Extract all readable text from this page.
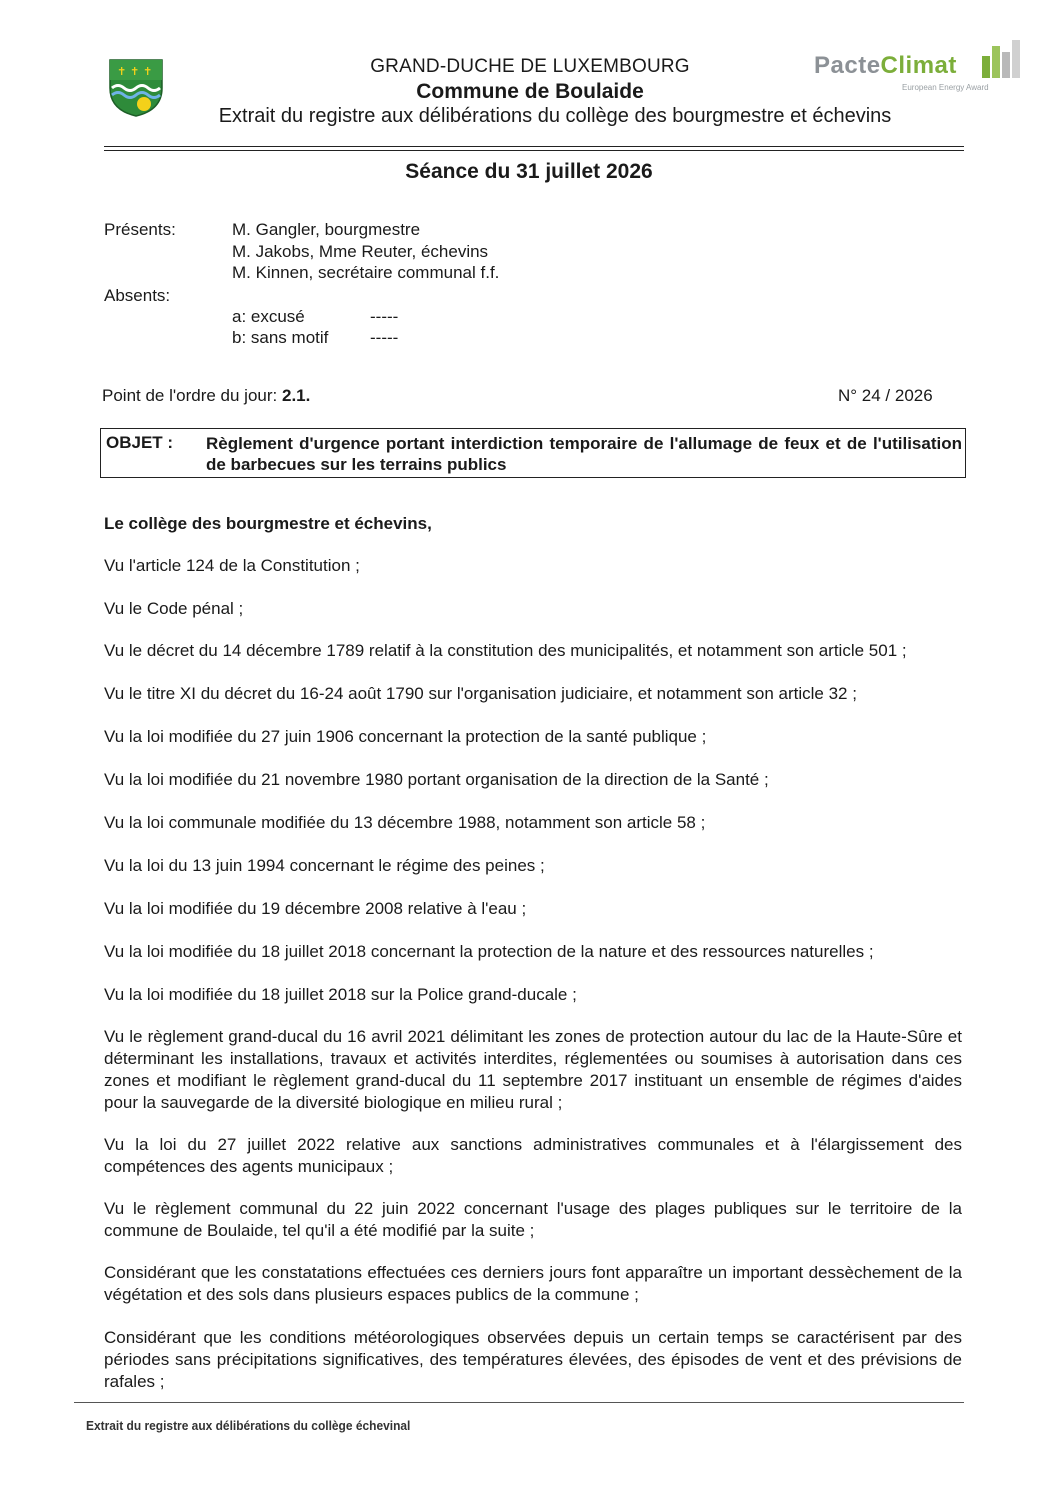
✝ ✝ ✝	GRAND-DUCHE DE LUXEMBOURG
Commune de Boulaide
Extrait du registre aux délibérations du collège des bourgmestre et échevins
PacteClimat
European Energy Award
Séance du 31 juillet 2026
Présents:	M. Gangler, bourgmestre
M. Jakobs, Mme Reuter, échevins
M. Kinnen, secrétaire communal f.f.
Absents:
a: excusé	-----
b: sans motif -----
Point de l'ordre du jour: 2.1.	N° 24 / 2026
OBJET : Règlement d'urgence portant interdiction temporaire de l'allumage de feux et de l'utilisation de barbecues sur les terrains publics
Le collège des bourgmestre et échevins,
Vu l'article 124 de la Constitution ;
Vu le Code pénal ;
Vu le décret du 14 décembre 1789 relatif à la constitution des municipalités, et notamment son article 501 ;
Vu le titre XI du décret du 16-24 août 1790 sur l'organisation judiciaire, et notamment son article 32 ;
Vu la loi modifiée du 27 juin 1906 concernant la protection de la santé publique ;
Vu la loi modifiée du 21 novembre 1980 portant organisation de la direction de la Santé ;
Vu la loi communale modifiée du 13 décembre 1988, notamment son article 58 ;
Vu la loi du 13 juin 1994 concernant le régime des peines ;
Vu la loi modifiée du 19 décembre 2008 relative à l'eau ;
Vu la loi modifiée du 18 juillet 2018 concernant la protection de la nature et des ressources naturelles ;
Vu la loi modifiée du 18 juillet 2018 sur la Police grand-ducale ;
Vu le règlement grand-ducal du 16 avril 2021 délimitant les zones de protection autour du lac de la Haute-Sûre et déterminant les installations, travaux et activités interdites, réglementées ou soumises à autorisation dans ces zones et modifiant le règlement grand-ducal du 11 septembre 2017 instituant un ensemble de régimes d'aides pour la sauvegarde de la diversité biologique en milieu rural ;
Vu la loi du 27 juillet 2022 relative aux sanctions administratives communales et à l'élargissement des compétences des agents municipaux ;
Vu le règlement communal du 22 juin 2022 concernant l'usage des plages publiques sur le territoire de la commune de Boulaide, tel qu'il a été modifié par la suite ;
Considérant que les constatations effectuées ces derniers jours font apparaître un important dessèchement de la végétation et des sols dans plusieurs espaces publics de la commune ;
Considérant que les conditions météorologiques observées depuis un certain temps se caractérisent par des périodes sans précipitations significatives, des températures élevées, des épisodes de vent et des prévisions de rafales ;
Extrait du registre aux délibérations du collège échevinal
